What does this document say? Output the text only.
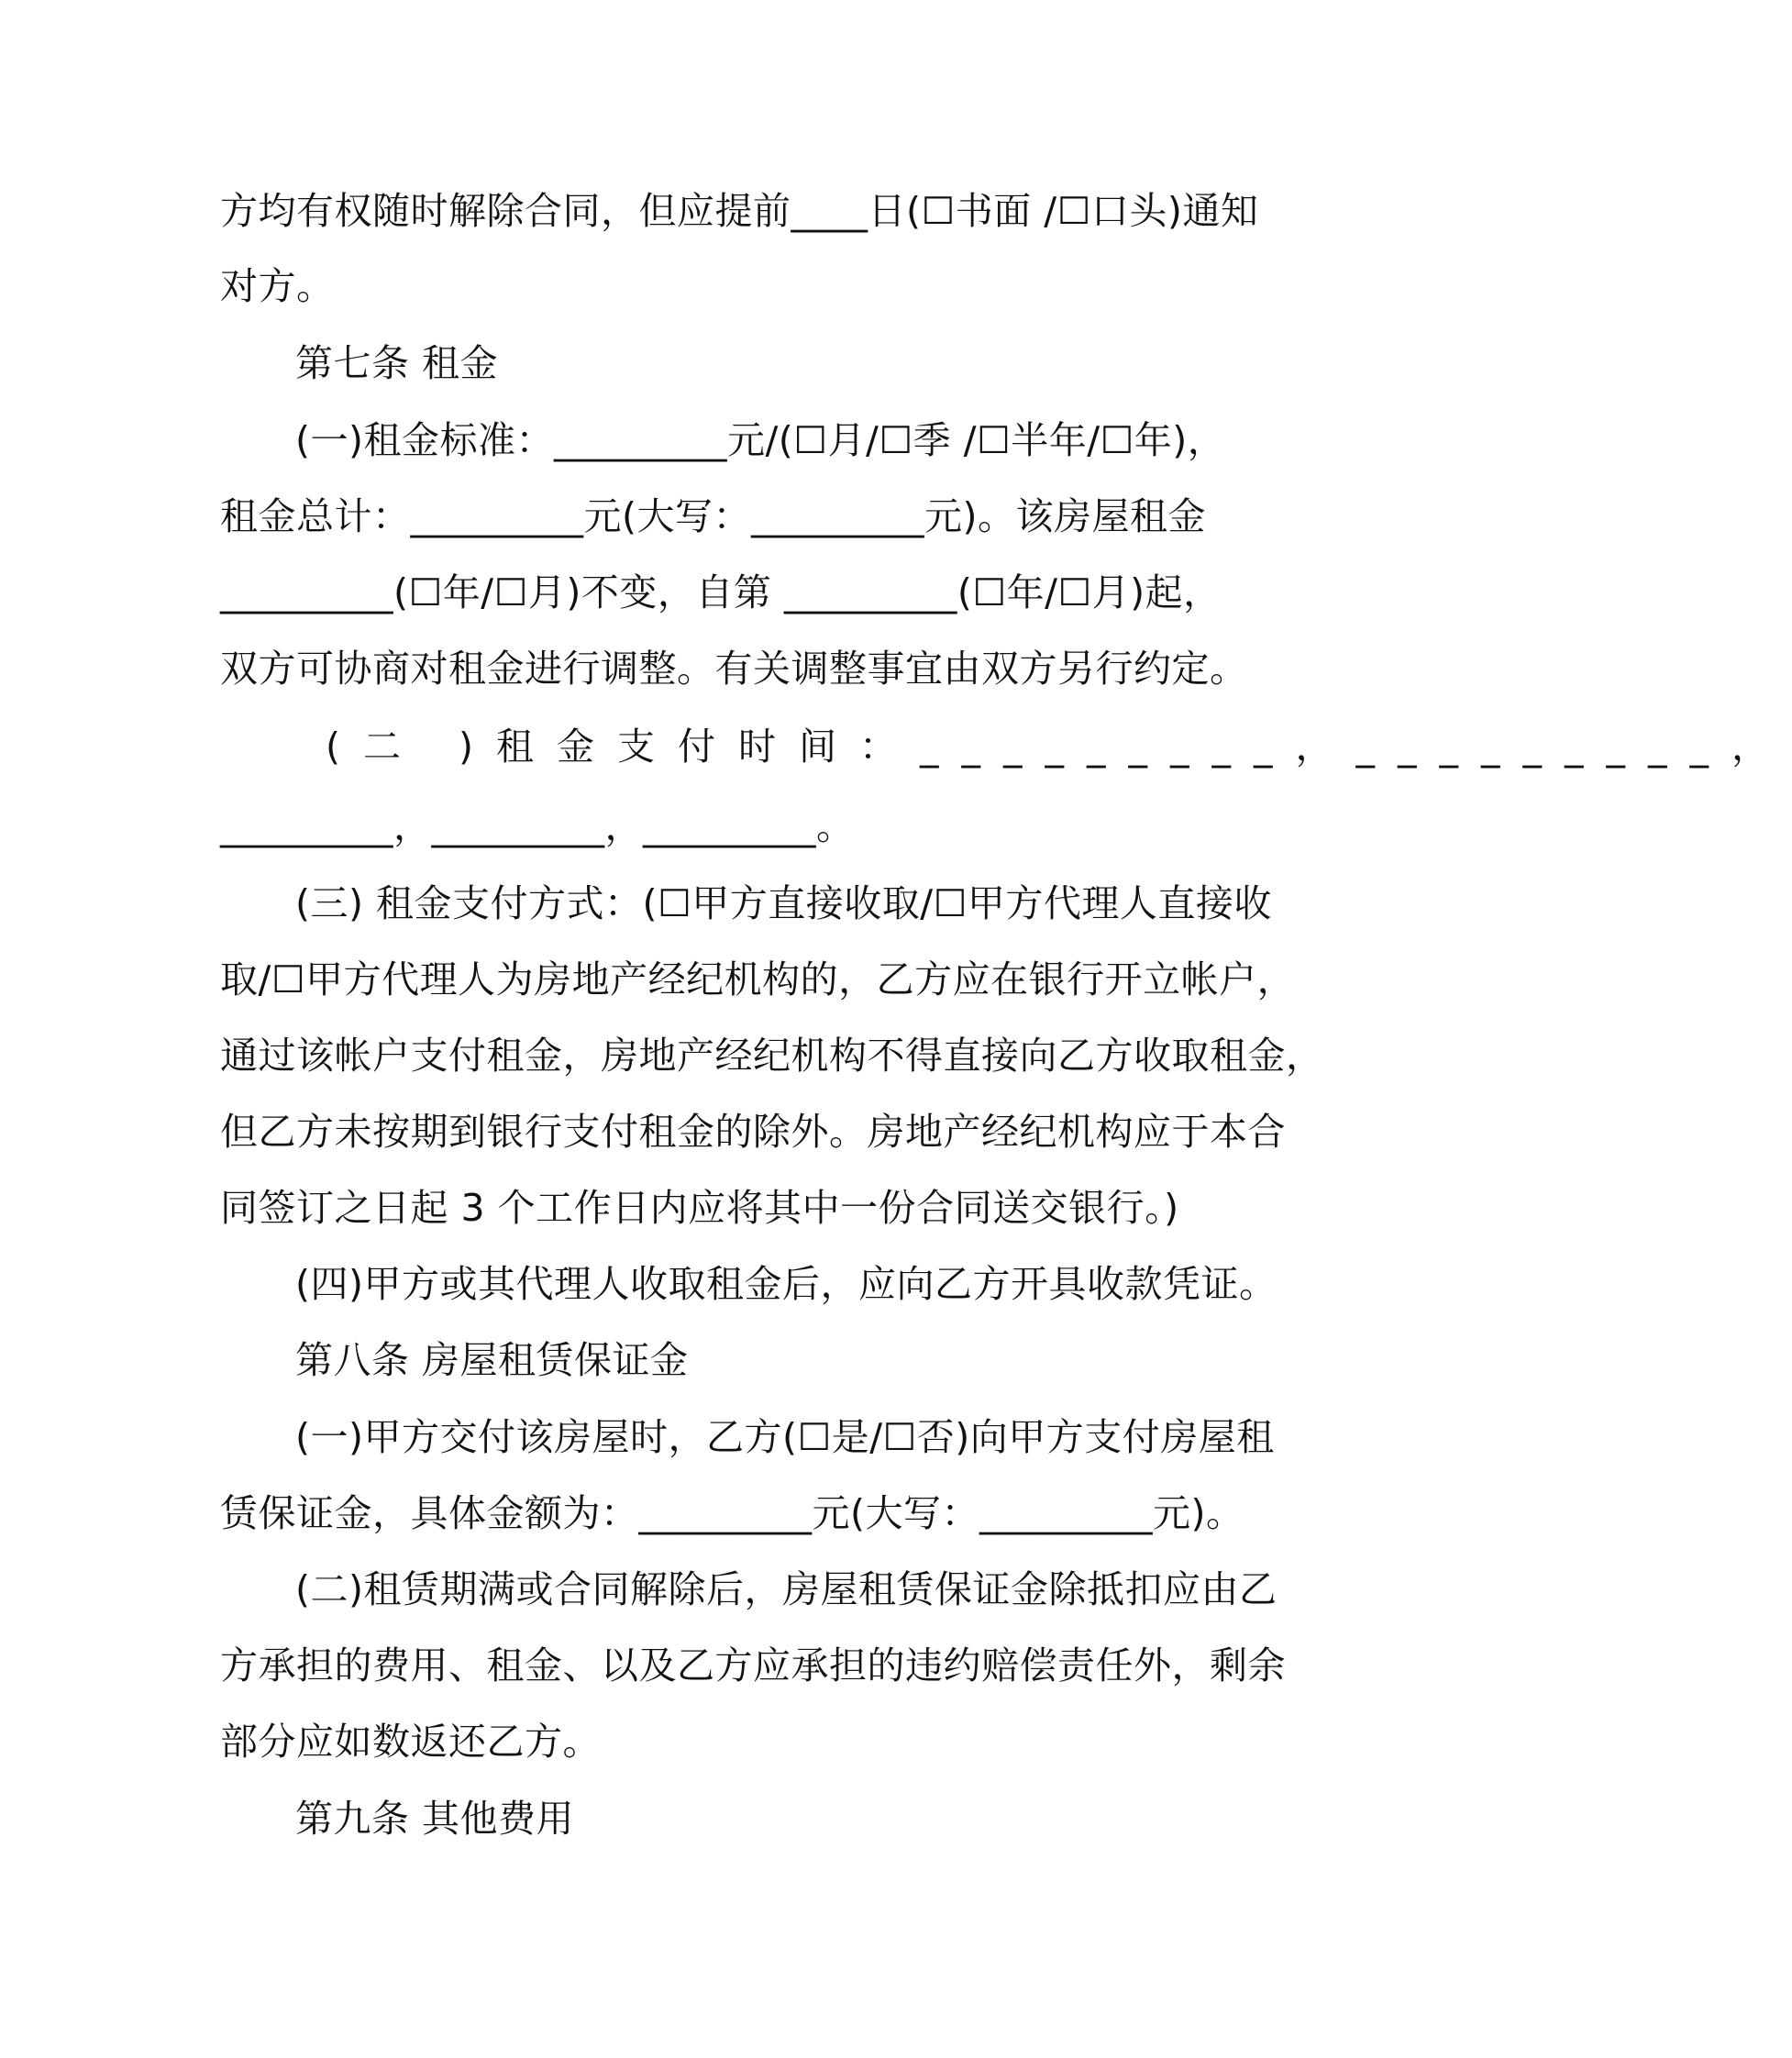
方均有权随时解除合同，但应提前____日(☐书面 /☐口头)通知
对方。
第七条 租金
(一)租金标准：_________元/(☐月/☐季 /☐半年/☐年)，
租金总计：_________元(大写：_________元)。该房屋租金
_________(☐年/☐月)不变，自第 _________(☐年/☐月)起，
双方可协商对租金进行调整。有关调整事宜由双方另行约定。
(二 )租金支付时间：_________，_________，
_________，_________，_________。
(三) 租金支付方式：(☐甲方直接收取/☐甲方代理人直接收
取/☐甲方代理人为房地产经纪机构的，乙方应在银行开立帐户，
通过该帐户支付租金，房地产经纪机构不得直接向乙方收取租金，
但乙方未按期到银行支付租金的除外。房地产经纪机构应于本合
同签订之日起 3 个工作日内应将其中一份合同送交银行。)
(四)甲方或其代理人收取租金后，应向乙方开具收款凭证。
第八条 房屋租赁保证金
(一)甲方交付该房屋时，乙方(☐是/☐否)向甲方支付房屋租
赁保证金，具体金额为：_________元(大写：_________元)。
(二)租赁期满或合同解除后，房屋租赁保证金除抵扣应由乙
方承担的费用、租金、以及乙方应承担的违约赔偿责任外，剩余
部分应如数返还乙方。
第九条 其他费用
